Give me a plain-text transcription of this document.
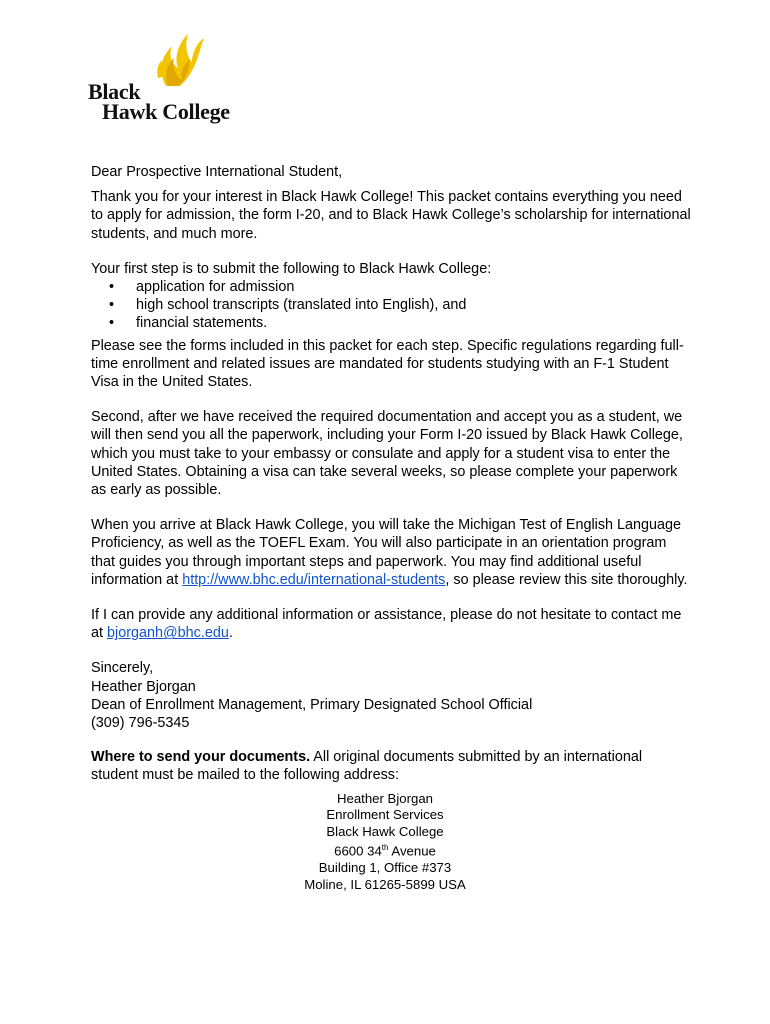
Black
Hawk College

Dear Prospective International Student,

Thank you for your interest in Black Hawk College! This packet contains everything you need to apply for admission, the form I-20, and to Black Hawk College’s scholarship for international students, and much more.

Your first step is to submit the following to Black Hawk College:

• application for admission
• high school transcripts (translated into English), and
• financial statements.

Please see the forms included in this packet for each step. Specific regulations regarding full-time enrollment and related issues are mandated for students studying with an F-1 Student Visa in the United States.

Second, after we have received the required documentation and accept you as a student, we will then send you all the paperwork, including your Form I-20 issued by Black Hawk College, which you must take to your embassy or consulate and apply for a student visa to enter the United States. Obtaining a visa can take several weeks, so please complete your paperwork as early as possible.

When you arrive at Black Hawk College, you will take the Michigan Test of English Language Proficiency, as well as the TOEFL Exam. You will also participate in an orientation program that guides you through important steps and paperwork. You may find additional useful information at http://www.bhc.edu/international-students, so please review this site thoroughly.

If I can provide any additional information or assistance, please do not hesitate to contact me at bjorganh@bhc.edu.

Sincerely,

Heather Bjorgan

Dean of Enrollment Management, Primary Designated School Official

(309) 796-5345

Where to send your documents. All original documents submitted by an international student must be mailed to the following address:

Heather Bjorgan
Enrollment Services
Black Hawk College
6600 34th Avenue
Building 1, Office #373
Moline, IL 61265-5899 USA
